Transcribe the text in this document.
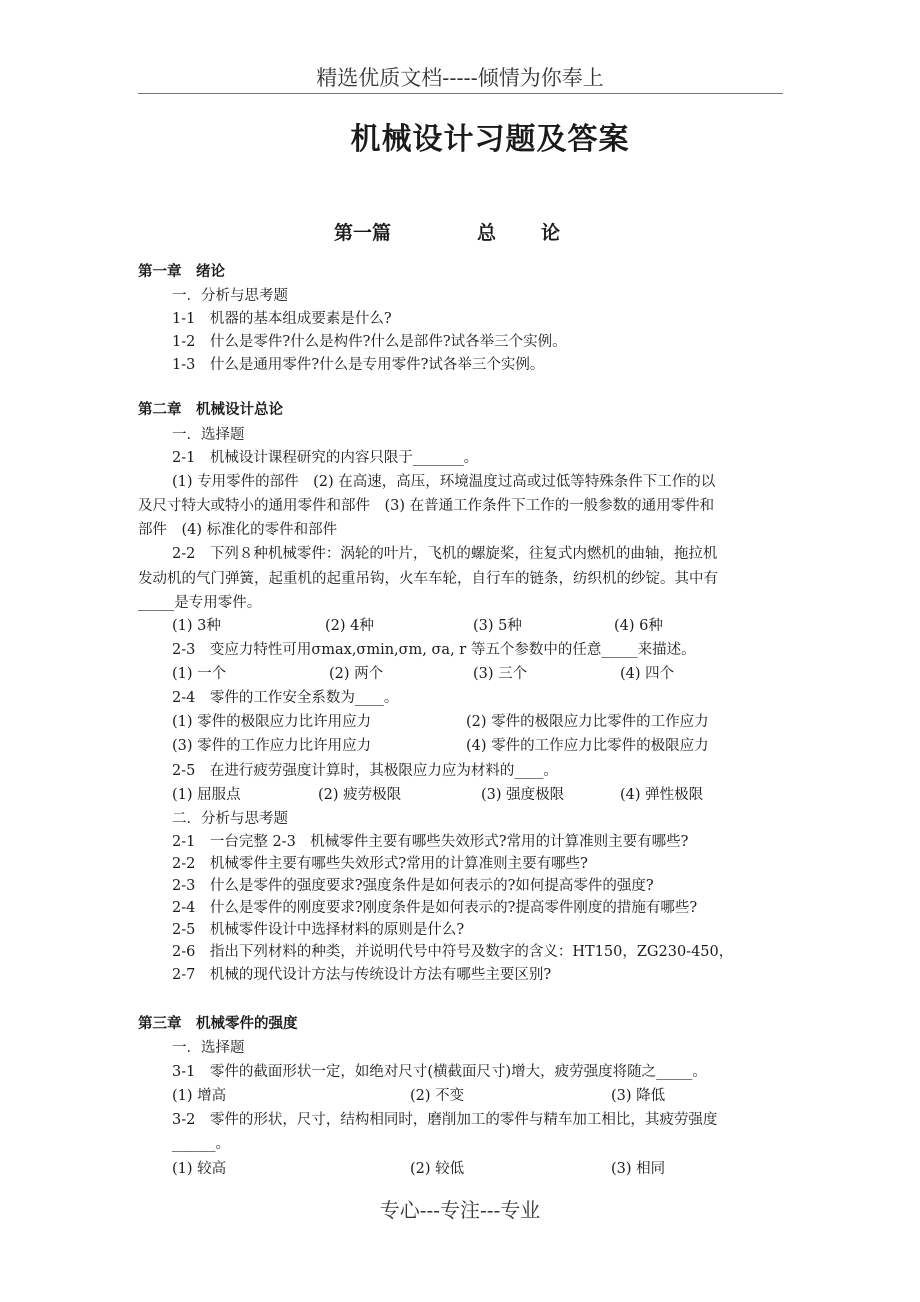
精选优质文档-----倾情为你奉上
机械设计习题及答案
第一篇	总 论
第一章　绪论
一．分析与思考题
1-1　机器的基本组成要素是什么?
1-2　什么是零件?什么是构件?什么是部件?试各举三个实例。
1-3　什么是通用零件?什么是专用零件?试各举三个实例。
第二章　机械设计总论
一．选择题
2-1　机械设计课程研究的内容只限于_______。
(1) 专用零件的部件　(2) 在高速，高压，环境温度过高或过低等特殊条件下工作的以
及尺寸特大或特小的通用零件和部件　(3) 在普通工作条件下工作的一般参数的通用零件和
部件　(4) 标准化的零件和部件
2-2　下列８种机械零件：涡轮的叶片，飞机的螺旋桨，往复式内燃机的曲轴，拖拉机
发动机的气门弹簧，起重机的起重吊钩，火车车轮，自行车的链条，纺织机的纱锭。其中有
_____是专用零件。
(1) 3种	(2) 4种	(3) 5种	(4) 6种
2-3　变应力特性可用σmax,σmin,σm, σa, r 等五个参数中的任意_____来描述。
(1) 一个	(2) 两个	(3) 三个	(4) 四个
2-4　零件的工作安全系数为____。
(1) 零件的极限应力比许用应力	(2) 零件的极限应力比零件的工作应力
(3) 零件的工作应力比许用应力	(4) 零件的工作应力比零件的极限应力
2-5　在进行疲劳强度计算时，其极限应力应为材料的____。
(1) 屈服点	(2) 疲劳极限	(3) 强度极限	(4) 弹性极限
二．分析与思考题
2-1　一台完整 2-3　机械零件主要有哪些失效形式?常用的计算准则主要有哪些?
2-2　机械零件主要有哪些失效形式?常用的计算准则主要有哪些?
2-3　什么是零件的强度要求?强度条件是如何表示的?如何提高零件的强度?
2-4　什么是零件的刚度要求?刚度条件是如何表示的?提高零件刚度的措施有哪些?
2-5　机械零件设计中选择材料的原则是什么?
2-6　指出下列材料的种类，并说明代号中符号及数字的含义：HT150，ZG230-450，
2-7　机械的现代设计方法与传统设计方法有哪些主要区别?
第三章　机械零件的强度
一．选择题
3-1　零件的截面形状一定，如绝对尺寸(横截面尺寸)增大，疲劳强度将随之_____。
(1) 增高	(2) 不变	(3) 降低
3-2　零件的形状，尺寸，结构相同时，磨削加工的零件与精车加工相比，其疲劳强度
______。
(1) 较高	(2) 较低	(3) 相同
专心---专注---专业
